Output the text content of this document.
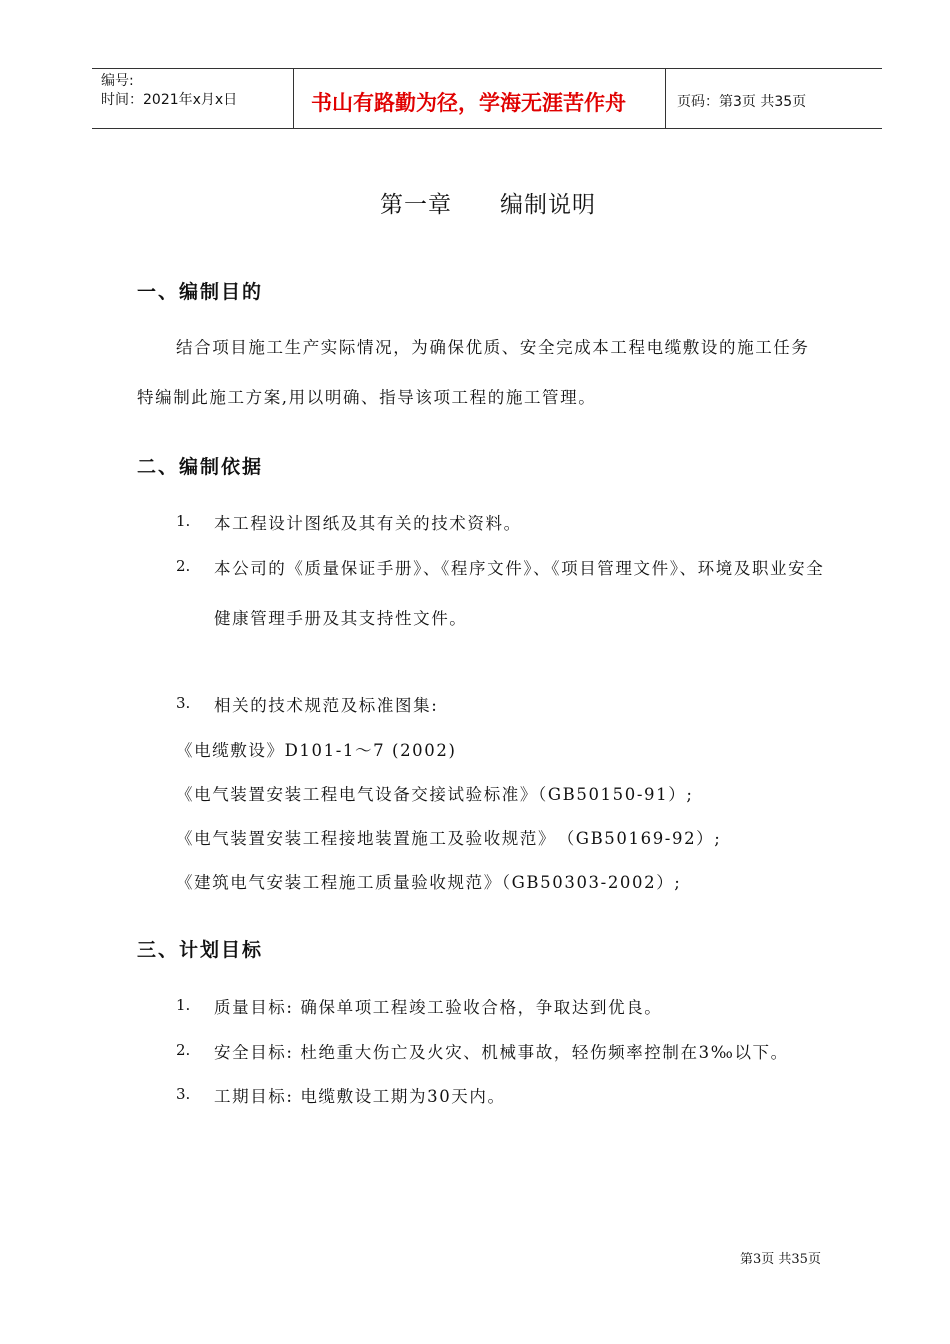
编号:
时间：2021年x月x日	书山有路勤为径，学海无涯苦作舟	页码：第3页 共35页
第一章　　编制说明
一、编制目的
结合项目施工生产实际情况，为确保优质、安全完成本工程电缆敷设的施工任务
特编制此施工方案,用以明确、指导该项工程的施工管理。
二、编制依据
1. 本工程设计图纸及其有关的技术资料。
2. 本公司的《质量保证手册》、《程序文件》、《项目管理文件》、环境及职业安全
健康管理手册及其支持性文件。
3. 相关的技术规范及标准图集:
《电缆敷设》D101-1～7 (2002)
《电气装置安装工程电气设备交接试验标准》（GB50150-91）;
《电气装置安装工程接地装置施工及验收规范》　（GB50169-92）;
《建筑电气安装工程施工质量验收规范》（GB50303-2002）;
三、计划目标
1. 质量目标: 确保单项工程竣工验收合格，争取达到优良。
2. 安全目标: 杜绝重大伤亡及火灾、机械事故，轻伤频率控制在3‰以下。
3. 工期目标: 电缆敷设工期为30天内。
第3页 共35页
